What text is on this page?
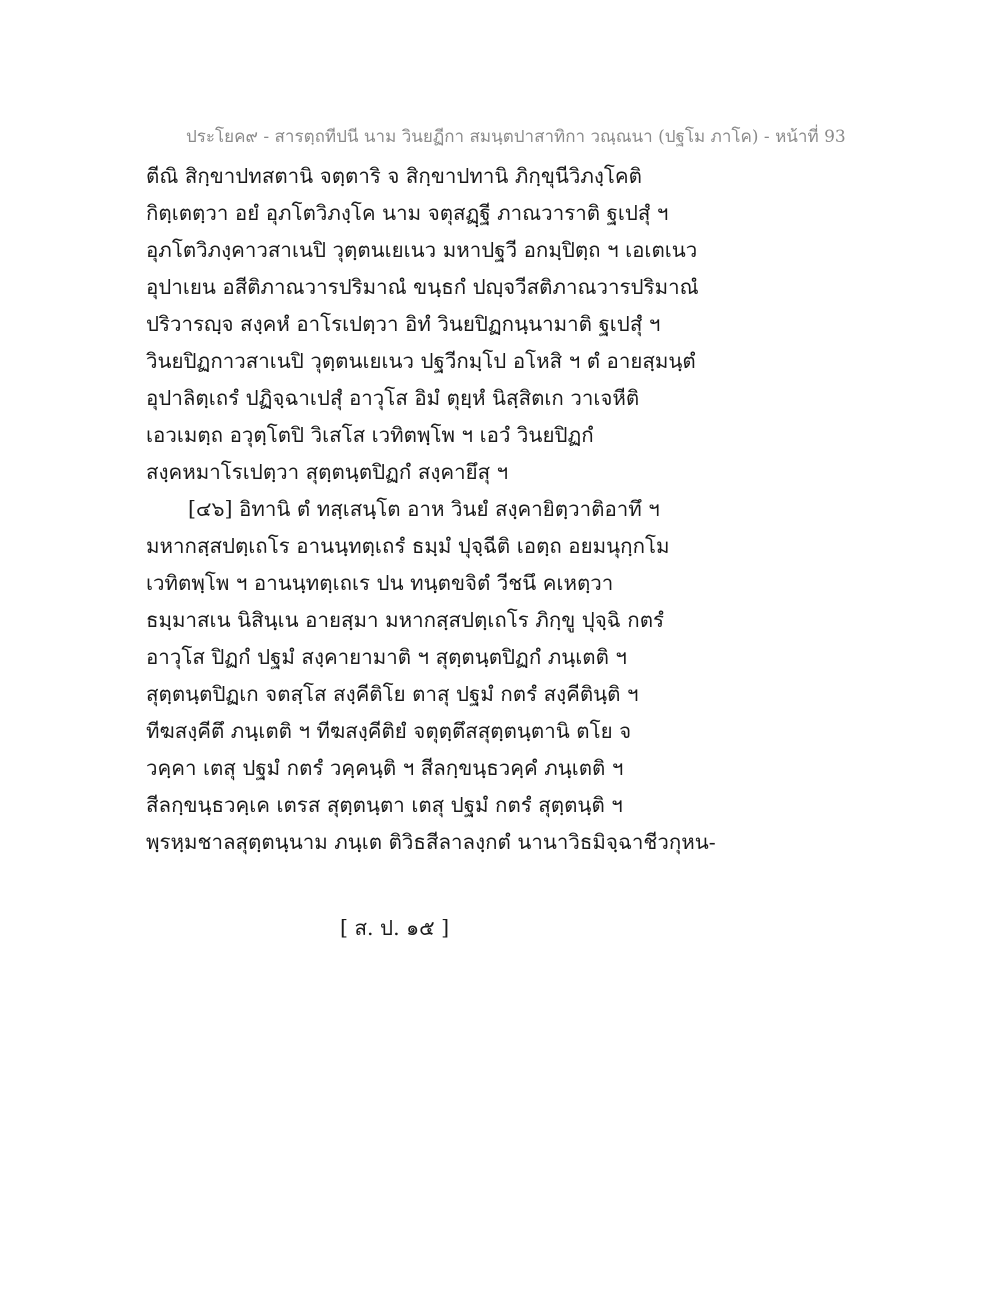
ประโยค๙ - สารตฺถทีปนี นาม วินยฏีกา สมนฺตปาสาทิกา วณฺณนา (ปฐโม ภาโค) - หน้าที่ 93
ตีณิ สิกฺขาปทสตานิ จตฺตาริ จ สิกฺขาปทานิ ภิกฺขุนีวิภงฺโคติ
กิตฺเตตฺวา อยํ อุภโตวิภงฺโค นาม จตุสฏฺฐี ภาณวาราติ ฐเปสุํ ฯ
อุภโตวิภงฺคาวสาเนปิ วุตฺตนเยเนว มหาปฐวี อกมฺปิตฺถ ฯ เอเตเนว
อุปาเยน อสีติภาณวารปริมาณํ ขนฺธกํ ปญฺจวีสติภาณวารปริมาณํ
ปริวารญฺจ สงฺคหํ อาโรเปตฺวา อิทํ วินยปิฏกนฺนามาติ ฐเปสุํ ฯ
วินยปิฏกาวสาเนปิ วุตฺตนเยเนว ปฐวีกมฺโป อโหสิ ฯ ตํ อายสฺมนฺตํ
อุปาลิตฺเถรํ ปฏิจฺฉาเปสุํ อาวุโส อิมํ ตุยฺหํ นิสฺสิตเก วาเจหีติ
เอวเมตฺถ อวุตฺโตปิ วิเสโส เวทิตพฺโพ ฯ เอวํ วินยปิฏกํ
สงฺคหมาโรเปตฺวา สุตฺตนฺตปิฏกํ สงฺคายึสุ ฯ
[๔๖] อิทานิ ตํ ทสฺเสนฺโต อาห วินยํ สงฺคายิตฺวาติอาทึ ฯ
มหากสฺสปตฺเถโร อานนฺทตฺเถรํ ธมฺมํ ปุจฺฉีติ เอตฺถ อยมนุกฺกโม
เวทิตพฺโพ ฯ อานนฺทตฺเถเร ปน ทนฺตขจิตํ วีชนึ คเหตฺวา
ธมฺมาสเน นิสินฺเน อายสฺมา มหากสฺสปตฺเถโร ภิกฺขู ปุจฺฉิ กตรํ
อาวุโส ปิฏกํ ปฐมํ สงฺคายามาติ ฯ สุตฺตนฺตปิฏกํ ภนฺเตติ ฯ
สุตฺตนฺตปิฏเก จตสฺโส สงฺคีติโย ตาสุ ปฐมํ กตรํ สงฺคีตินฺติ ฯ
ทีฆสงฺคีตึ ภนฺเตติ ฯ ทีฆสงฺคีติยํ จตุตฺตึสสุตฺตนฺตานิ ตโย จ
วคฺคา เตสุ ปฐมํ กตรํ วคฺคนฺติ ฯ สีลกฺขนฺธวคฺคํ ภนฺเตติ ฯ
สีลกฺขนฺธวคฺเค เตรส สุตฺตนฺตา เตสุ ปฐมํ กตรํ สุตฺตนฺติ ฯ
พฺรหฺมชาลสุตฺตนฺนาม ภนฺเต ติวิธสีลาลงฺกตํ นานาวิธมิจฺฉาชีวกุหน-
[ ส. ป. ๑๕ ]
